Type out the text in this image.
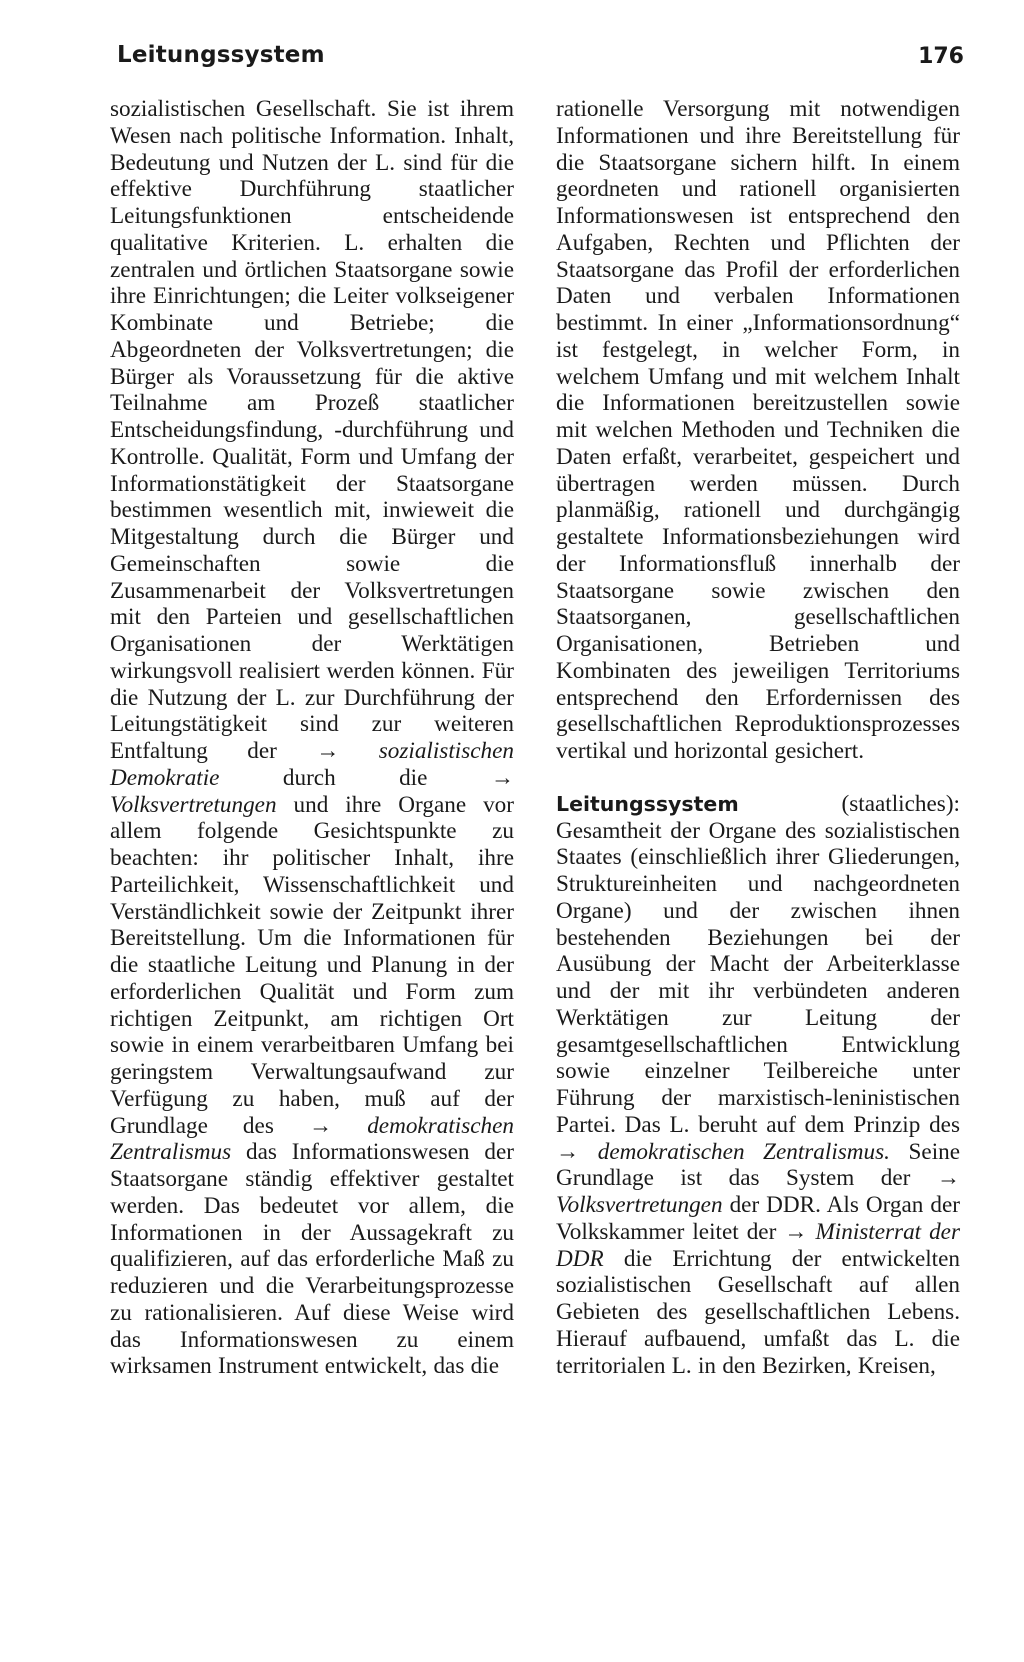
Leitungssystem	176

sozialistischen Gesellschaft. Sie ist ihrem Wesen nach politische Information. Inhalt, Bedeutung und Nutzen der L. sind für die effektive Durchführung staatlicher Leitungsfunktionen entscheidende qualitative Kriterien. L. erhalten die zentralen und örtlichen Staatsorgane sowie ihre Einrichtungen; die Leiter volkseigener Kombinate und Betriebe; die Abgeordneten der Volksvertretungen; die Bürger als Voraussetzung für die aktive Teilnahme am Prozeß staatlicher Entscheidungsfindung, -durchführung und Kontrolle. Qualität, Form und Umfang der Informationstätigkeit der Staatsorgane bestimmen wesentlich mit, inwieweit die Mitgestaltung durch die Bürger und Gemeinschaften sowie die Zusammenarbeit der Volksvertretungen mit den Parteien und gesellschaftlichen Organisationen der Werktätigen wirkungsvoll realisiert werden können. Für die Nutzung der L. zur Durchführung der Leitungstätigkeit sind zur weiteren Entfaltung der → sozialistischen Demokratie	durch die	→ Volksvertretungen und ihre Organe vor allem folgende Gesichtspunkte zu beachten: ihr politischer Inhalt, ihre Parteilichkeit, Wissenschaftlichkeit und Verständlichkeit sowie der Zeitpunkt ihrer Bereitstellung. Um die Informationen für die staatliche Leitung und Planung in der erforderlichen Qualität und Form zum richtigen Zeitpunkt, am richtigen Ort sowie in einem verarbeitbaren Umfang bei geringstem Verwaltungsaufwand zur Verfügung zu haben, muß auf der Grundlage des → demokratischen Zentralismus das Informationswesen der Staatsorgane ständig effektiver gestaltet werden. Das bedeutet vor allem, die Informationen in der Aussagekraft zu qualifizieren, auf das erforderliche Maß zu reduzieren und die Verarbeitungsprozesse zu rationalisieren. Auf diese Weise wird das Informationswesen zu einem wirksamen Instrument entwickelt, das die

rationelle Versorgung mit notwendigen Informationen und ihre Bereitstellung für die Staatsorgane sichern hilft. In einem geordneten und rationell organisierten Informationswesen ist entsprechend den Aufgaben, Rechten und Pflichten der Staatsorgane das Profil der erforderlichen Daten und verbalen Informationen bestimmt. In einer „Informationsordnung“ ist festgelegt, in welcher Form, in welchem Umfang und mit welchem Inhalt die Informationen bereitzustellen sowie mit welchen Methoden und Techniken die Daten erfaßt, verarbeitet, gespeichert und übertragen werden müssen. Durch planmäßig, rationell und durchgängig gestaltete Informationsbeziehungen wird der Informationsfluß innerhalb der Staatsorgane sowie zwischen den Staatsorganen, gesellschaftlichen Organisationen, Betrieben und Kombinaten des jeweiligen Territoriums entsprechend den Erfordernissen des gesellschaftlichen Reproduktionsprozesses vertikal und horizontal gesichert.

Leitungssystem	(staatliches): Gesamtheit der Organe des sozialistischen Staates (einschließlich ihrer Gliederungen, Struktureinheiten und nachgeordneten Organe) und der zwischen ihnen bestehenden Beziehungen bei der Ausübung der Macht der Arbeiterklasse und der mit ihr verbündeten anderen Werktätigen zur Leitung der gesamtgesellschaftlichen Entwicklung sowie einzelner Teilbereiche unter Führung der marxistisch-leninistischen Partei. Das L. beruht auf dem Prinzip des → demokratischen Zentralismus. Seine Grundlage ist das System der → Volksvertretungen der DDR. Als Organ der Volkskammer leitet der → Ministerrat der DDR die Errichtung der entwickelten sozialistischen Gesellschaft auf allen Gebieten des gesellschaftlichen Lebens. Hierauf aufbauend, umfaßt das L. die territorialen L. in den Bezirken, Kreisen,
